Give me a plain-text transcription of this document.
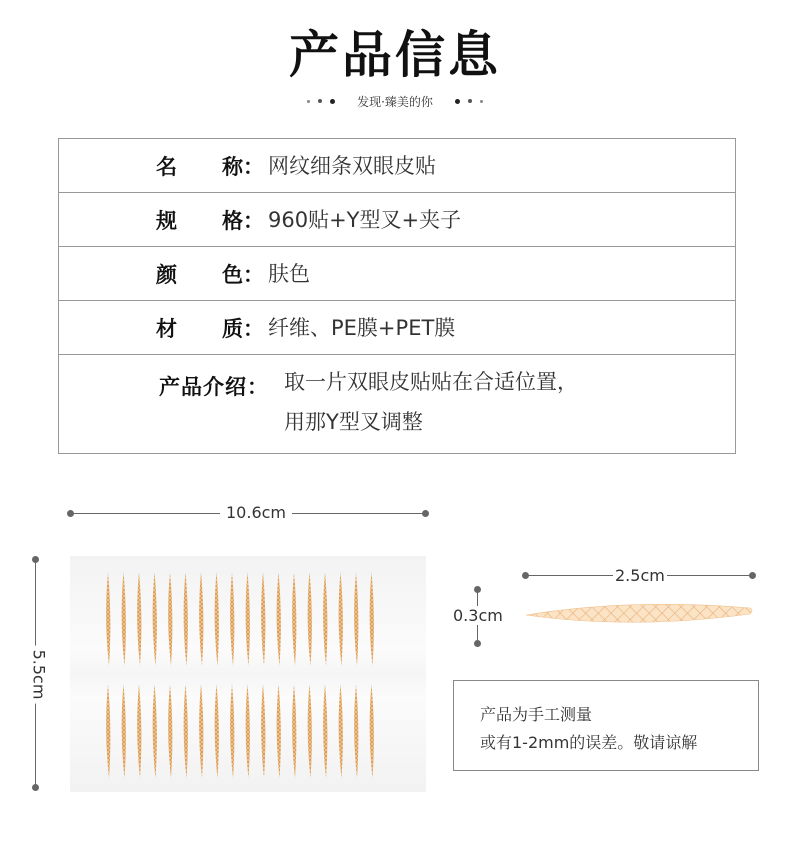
产品信息
发现·臻美的你
名 称： 网纹细条双眼皮贴
规 格： 960贴+Y型叉+夹子
颜 色： 肤色
材 质： 纤维、PE膜+PET膜
产品介绍： 取一片双眼皮贴贴在合适位置，
用那Y型叉调整
10.6cm
5.5cm
2.5cm
0.3cm
产品为手工测量
或有1-2mm的误差。敬请谅解
